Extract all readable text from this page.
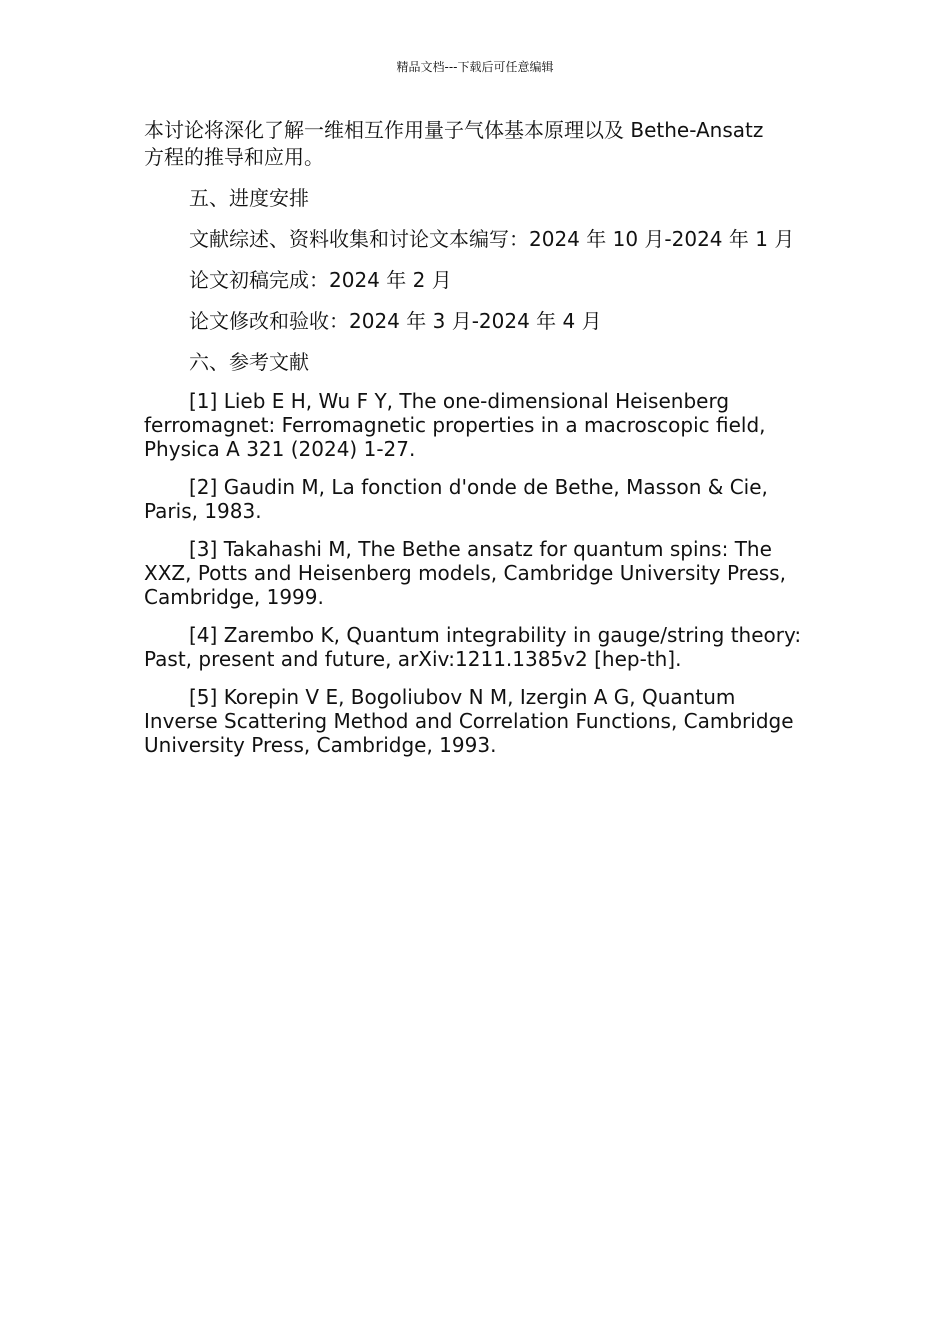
精品文档---下载后可任意编辑

本讨论将深化了解一维相互作用量子气体基本原理以及 Bethe-Ansatz

方程的推导和应用。

五、进度安排

文献综述、资料收集和讨论文本编写：2024 年 10 月-2024 年 1 月

论文初稿完成：2024 年 2 月

论文修改和验收：2024 年 3 月-2024 年 4 月

六、参考文献

[1] Lieb E H, Wu F Y, The one-dimensional Heisenberg ferromagnet: Ferromagnetic properties in a macroscopic field, Physica A 321 (2024) 1-27.

[2] Gaudin M, La fonction d'onde de Bethe, Masson & Cie, Paris, 1983.

[3] Takahashi M, The Bethe ansatz for quantum spins: The XXZ, Potts and Heisenberg models, Cambridge University Press, Cambridge, 1999.

[4] Zarembo K, Quantum integrability in gauge/string theory: Past, present and future, arXiv:1211.1385v2 [hep-th].

[5] Korepin V E, Bogoliubov N M, Izergin A G, Quantum Inverse Scattering Method and Correlation Functions, Cambridge University Press, Cambridge, 1993.
